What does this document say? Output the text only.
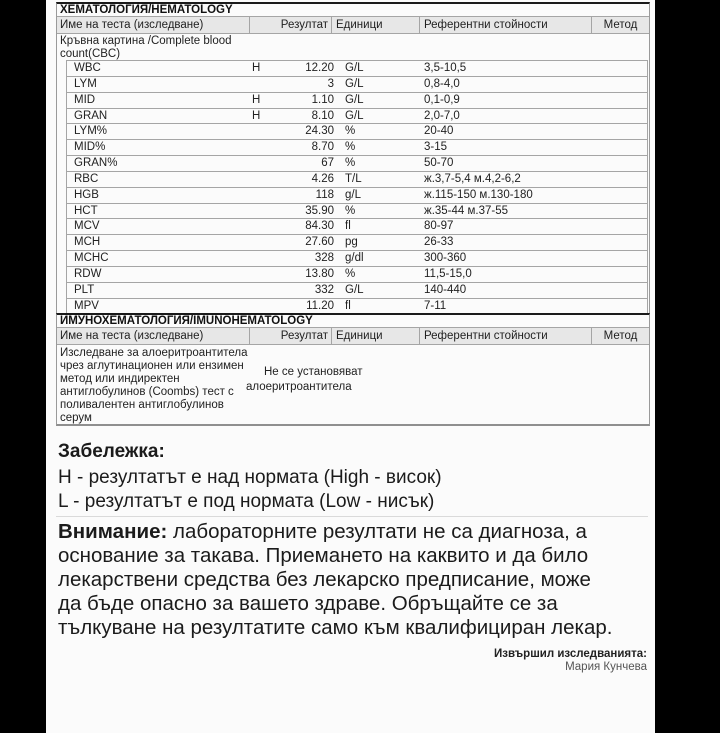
ХЕМАТОЛОГИЯ/HEMATOLOGY
Име на теста (изследване)	Резултат Единици	Референтни стойности	Метод
Кръвна картина /Complete blood
count(CBC)
WBC	H	12.20 G/L	3,5-10,5
LYM	3 G/L	0,8-4,0
MID	H	1.10 G/L	0,1-0,9
GRAN	H	8.10 G/L	2,0-7,0
LYM%	24.30 %	20-40
MID%	8.70 %	3-15
GRAN%	67 %	50-70
RBC	4.26 T/L	ж.3,7-5,4 м.4,2-6,2
HGB	118 g/L	ж.115-150 м.130-180
HCT	35.90 %	ж.35-44 м.37-55
MCV	84.30 fl	80-97
MCH	27.60 pg	26-33
MCHC	328 g/dl	300-360
RDW	13.80 %	11,5-15,0
PLT	332 G/L	140-440
MPV	11.20 fl	7-11
ИМУНОХЕМАТОЛОГИЯ/IMUNOHEMATOLOGY
Име на теста (изследване)	Резултат Единици	Референтни стойности	Метод
Изследване за алоеритроантитела
чрез аглутинационен или ензимен
метод или индиректен
антиглобулинов (Coombs) тест с
поливалентен антиглобулинов
серум
Не се установяват
алоеритроантитела
Забележка:
H - резултатът е над нормата (High - висок)
L - резултатът е под нормата (Low - нисък)
Внимание: лабораторните резултати не са диагноза, а
основание за такава. Приемането на каквито и да било
лекарствени средства без лекарско предписание, може
да бъде опасно за вашето здраве. Обръщайте се за
тълкуване на резултатите само към квалифициран лекар.
Извършил изследванията:
Мария Кунчева
